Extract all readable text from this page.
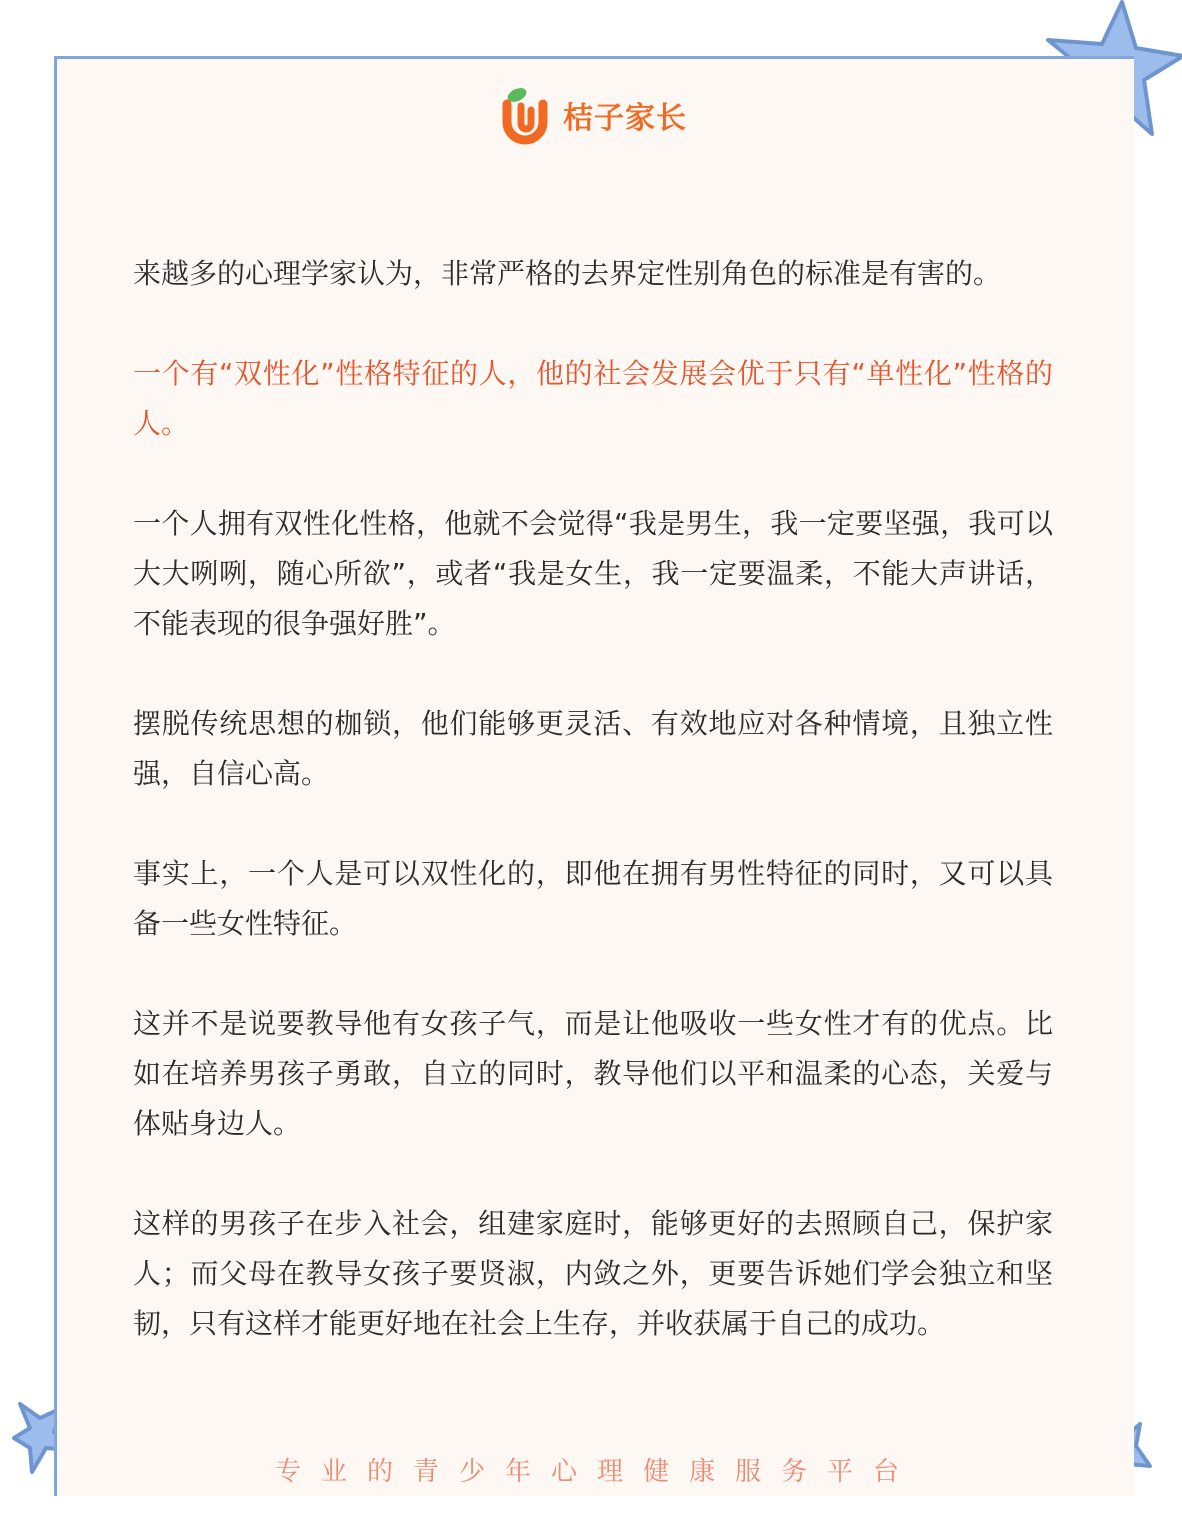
桔子家长

来越多的心理学家认为，非常严格的去界定性别角色的标准是有害的。

一个有“双性化”性格特征的人，他的社会发展会优于只有“单性化”性格的人。

一个人拥有双性化性格，他就不会觉得“我是男生，我一定要坚强，我可以大大咧咧，随心所欲”，或者“我是女生，我一定要温柔，不能大声讲话，不能表现的很争强好胜”。

摆脱传统思想的枷锁，他们能够更灵活、有效地应对各种情境，且独立性强，自信心高。

事实上，一个人是可以双性化的，即他在拥有男性特征的同时，又可以具备一些女性特征。

这并不是说要教导他有女孩子气，而是让他吸收一些女性才有的优点。比如在培养男孩子勇敢，自立的同时，教导他们以平和温柔的心态，关爱与体贴身边人。

这样的男孩子在步入社会，组建家庭时，能够更好的去照顾自己，保护家人；而父母在教导女孩子要贤淑，内敛之外，更要告诉她们学会独立和坚韧，只有这样才能更好地在社会上生存，并收获属于自己的成功。

专业的青少年心理健康服务平台
